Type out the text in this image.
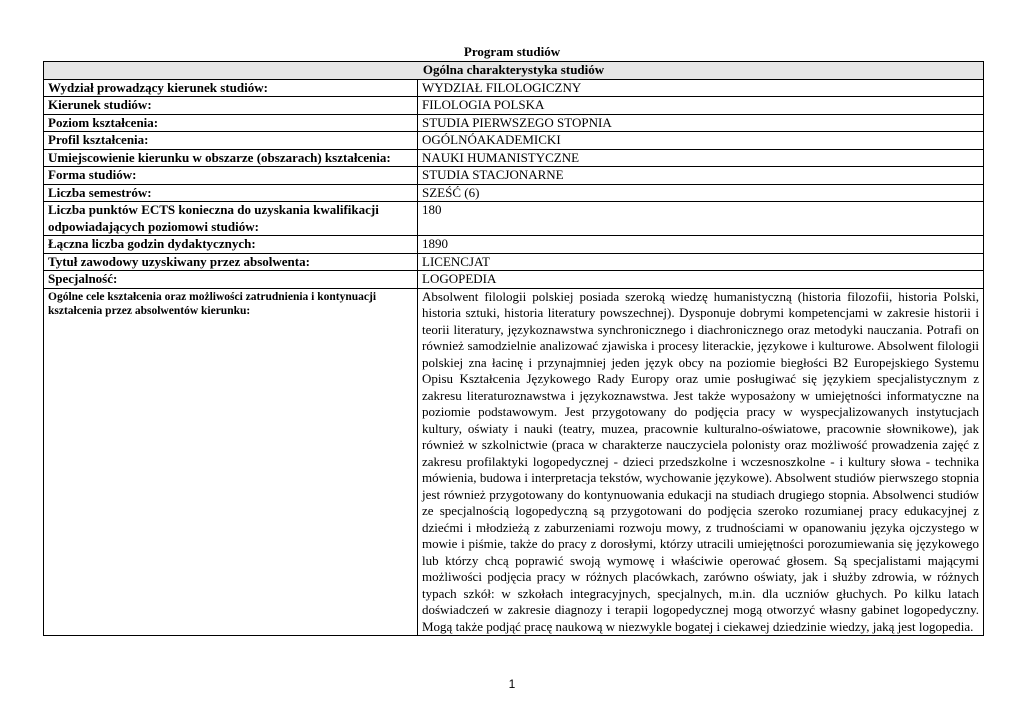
Program studiów
Ogólna charakterystyka studiów	
Wydział prowadzący kierunek studiów:	WYDZIAŁ FILOLOGICZNY
Kierunek studiów:	FILOLOGIA POLSKA
Poziom kształcenia:	STUDIA PIERWSZEGO STOPNIA
Profil kształcenia:	OGÓLNÓAKADEMICKI
Umiejscowienie kierunku w obszarze (obszarach) kształcenia:	NAUKI HUMANISTYCZNE
Forma studiów:	STUDIA STACJONARNE
Liczba semestrów:	SZEŚĆ (6)
Liczba punktów ECTS konieczna do uzyskania kwalifikacji odpowiadających poziomowi studiów:	180
Łączna liczba godzin dydaktycznych:	1890
Tytuł zawodowy uzyskiwany przez absolwenta:	LICENCJAT
Specjalność:	LOGOPEDIA
Ogólne cele kształcenia oraz możliwości zatrudnienia i kontynuacji kształcenia przez absolwentów kierunku:	Absolwent filologii polskiej posiada szeroką wiedzę humanistyczną (historia filozofii, historia Polski, historia sztuki, historia literatury powszechnej). Dysponuje dobrymi kompetencjami w zakresie historii i teorii literatury, językoznawstwa synchronicznego i diachronicznego oraz metodyki nauczania. Potrafi on również samodzielnie analizować zjawiska i procesy literackie, językowe i kulturowe. Absolwent filologii polskiej zna łacinę i przynajmniej jeden język obcy na poziomie biegłości B2 Europejskiego Systemu Opisu Kształcenia Językowego Rady Europy oraz umie posługiwać się językiem specjalistycznym z zakresu literaturoznawstwa i językoznawstwa. Jest także wyposażony w umiejętności informatyczne na poziomie podstawowym. Jest przygotowany do podjęcia pracy w wyspecjalizowanych instytucjach kultury, oświaty i nauki (teatry, muzea, pracownie kulturalno-oświatowe, pracownie słownikowe), jak również w szkolnictwie (praca w charakterze nauczyciela polonisty oraz możliwość prowadzenia zajęć z zakresu profilaktyki logopedycznej - dzieci przedszkolne i wczesnoszkolne - i kultury słowa - technika mówienia, budowa i interpretacja tekstów, wychowanie językowe). Absolwent studiów pierwszego stopnia jest również przygotowany do kontynuowania edukacji na studiach drugiego stopnia. Absolwenci studiów ze specjalnością logopedyczną są przygotowani do podjęcia szeroko rozumianej pracy edukacyjnej z dziećmi i młodzieżą z zaburzeniami rozwoju mowy, z trudnościami w opanowaniu języka ojczystego w mowie i piśmie, także do pracy z dorosłymi, którzy utracili umiejętności porozumiewania się językowego lub którzy chcą poprawić swoją wymowę i właściwie operować głosem. Są specjalistami mającymi możliwości podjęcia pracy w różnych placówkach, zarówno oświaty, jak i służby zdrowia, w różnych typach szkół: w szkołach integracyjnych, specjalnych, m.in. dla uczniów głuchych. Po kilku latach doświadczeń w zakresie diagnozy i terapii logopedycznej mogą otworzyć własny gabinet logopedyczny. Mogą także podjąć pracę naukową w niezwykle bogatej i ciekawej dziedzinie wiedzy, jaką jest logopedia.
1
